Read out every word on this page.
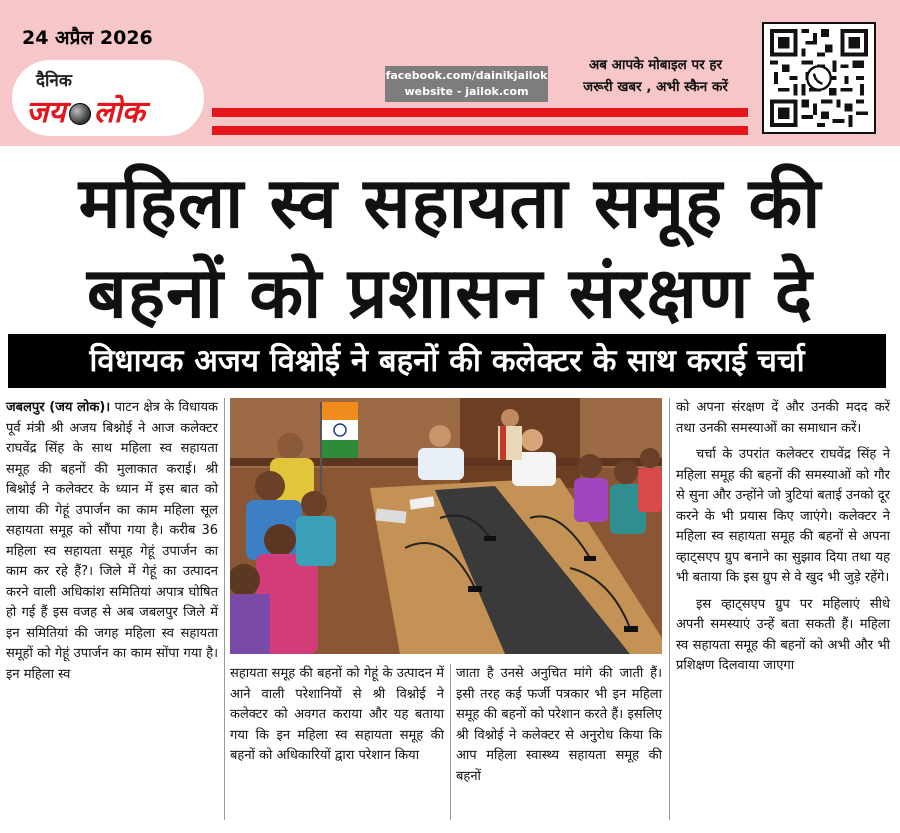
24 अप्रैल 2026
दैनिक
जय लोक
facebook.com/dainikjailok
website - jailok.com
अब आपके मोबाइल पर हर
जरूरी खबर , अभी स्कैन करें
महिला स्व सहायता समूह की
बहनों को प्रशासन संरक्षण दे
विधायक अजय विश्नोई ने बहनों की कलेक्टर के साथ कराई चर्चा

जबलपुर (जय लोक)। पाटन क्षेत्र के विधायक पूर्व मंत्री श्री अजय बिश्नोई ने आज कलेक्टर राघवेंद्र सिंह के साथ महिला स्व सहायता समूह की बहनों की मुलाकात कराई। श्री बिश्नोई ने कलेक्टर के ध्यान में इस बात को लाया की गेहूं उपार्जन का काम महिला सूल सहायता समूह को सौंपा गया है। करीब 36 महिला स्व सहायता समूह गेहूं उपार्जन का काम कर रहे हैं?। जिले में गेहूं का उत्पादन करने वाली अधिकांश समितियां अपात्र घोषित हो गई हैं इस वजह से अब जबलपुर जिले में इन समितियां की जगह महिला स्व सहायता समूहों को गेहूं उपार्जन का काम सोंपा गया है। इन महिला स्व	सहायता समूह की बहनों को गेहूं के उत्पादन में आने वाली परेशानियों से श्री विश्नोई ने कलेक्टर को अवगत कराया और यह बताया गया कि इन महिला स्व सहायता समूह की बहनों को अधिकारियों द्वारा परेशान किया

जाता है उनसे अनुचित मांगे की जाती हैं। इसी तरह कई फर्जी पत्रकार भी इन महिला समूह की बहनों को परेशान करते हैं। इसलिए श्री विश्नोई ने कलेक्टर से अनुरोध किया कि आप महिला स्वास्थ्य सहायता समूह की बहनों

को अपना संरक्षण दें और उनकी मदद करें तथा उनकी समस्याओं का समाधान करें।

चर्चा के उपरांत कलेक्टर राघवेंद्र सिंह ने महिला समूह की बहनों की समस्याओं को गौर से सुना और उन्होंने जो त्रुटियां बताई उनको दूर करने के भी प्रयास किए जाएंगे। कलेक्टर ने महिला स्व सहायता समूह की बहनों से अपना व्हाट्सएप ग्रुप बनाने का सुझाव दिया तथा यह भी बताया कि इस ग्रुप से वे खुद भी जुड़े रहेंगे।

इस व्हाट्सएप ग्रुप पर महिलाएं सीधे अपनी समस्याएं उन्हें बता सकती हैं। महिला स्व सहायता समूह की बहनों को अभी और भी प्रशिक्षण दिलवाया जाएगा
